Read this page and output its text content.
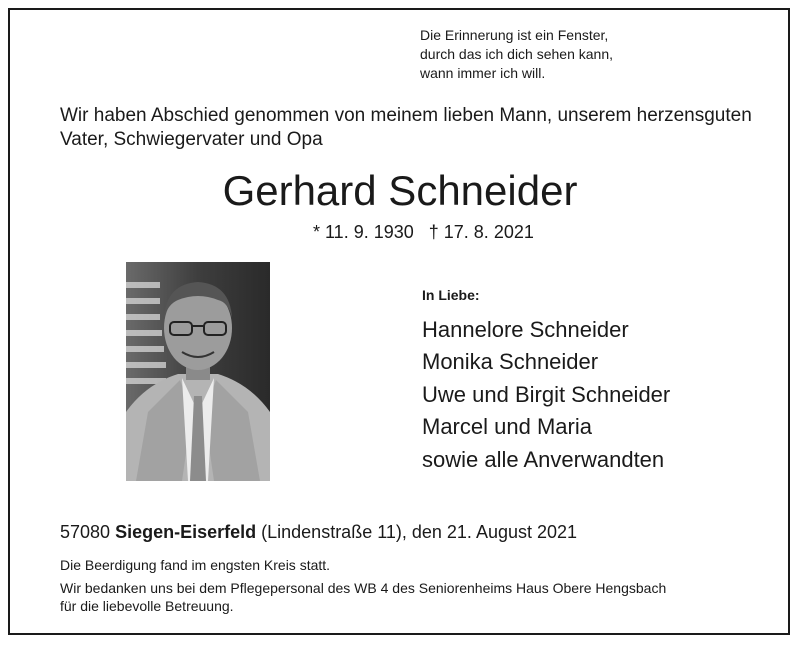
Die Erinnerung ist ein Fenster,
durch das ich dich sehen kann,
wann immer ich will.
Wir haben Abschied genommen von meinem lieben Mann, unserem herzensguten
Vater, Schwiegervater und Opa
Gerhard Schneider
* 11. 9. 1930 † 17. 8. 2021
In Liebe:
Hannelore Schneider
Monika Schneider
Uwe und Birgit Schneider
Marcel und Maria
sowie alle Anverwandten
57080 Siegen-Eiserfeld (Lindenstraße 11), den 21. August 2021

Die Beerdigung fand im engsten Kreis statt.

Wir bedanken uns bei dem Pflegepersonal des WB 4 des Seniorenheims Haus Obere Hengsbach
für die liebevolle Betreuung.
